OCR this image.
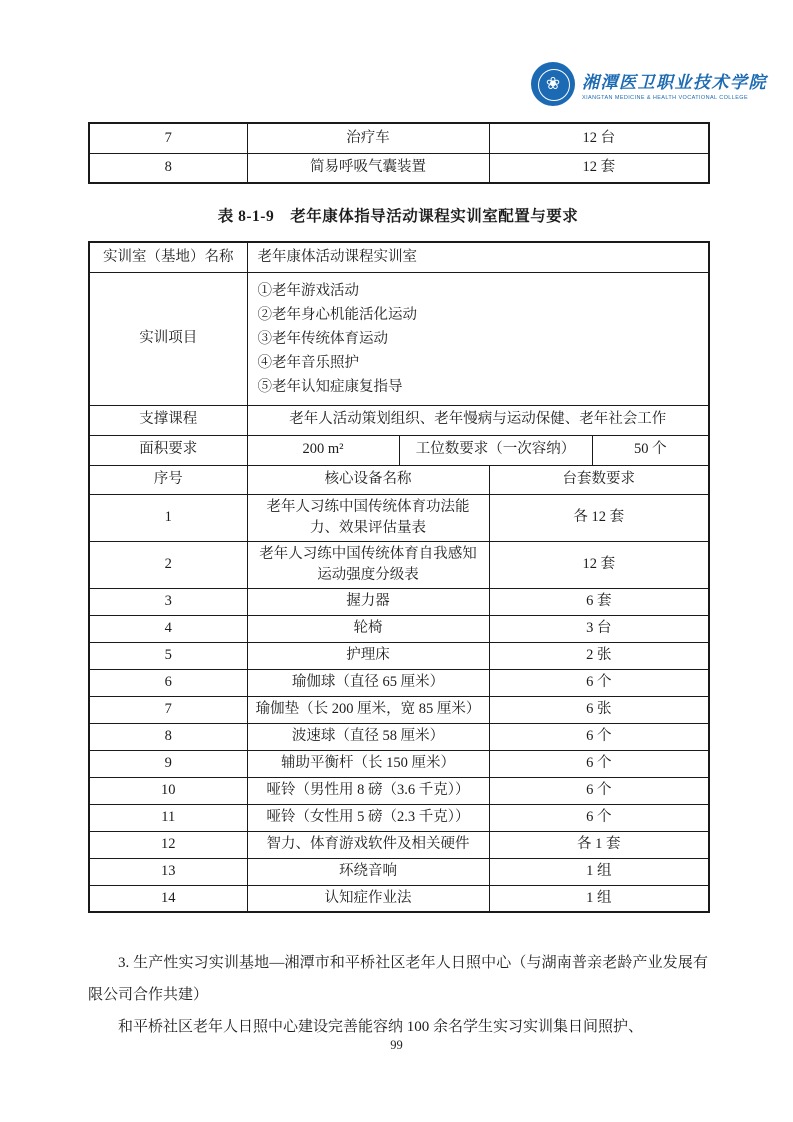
❀
湘潭医卫职业技术学院
XIANGTAN MEDICINE & HEALTH VOCATIONAL COLLEGE
7	治疗车	12 台
8	简易呼吸气囊装置	12 套
表 8-1-9　老年康体指导活动课程实训室配置与要求
实训室（基地）名称	老年康体活动课程实训室
实训项目	①老年游戏活动
②老年身心机能活化运动
③老年传统体育运动
④老年音乐照护
⑤老年认知症康复指导

支撑课程	老年人活动策划组织、老年慢病与运动保健、老年社会工作
面积要求	200 m²	工位数要求（一次容纳）	50 个
序号	核心设备名称	台套数要求
1	老年人习练中国传统体育功法能力、效果评估量表	各 12 套
2	老年人习练中国传统体育自我感知运动强度分级表	12 套
3	握力器	6 套
4	轮椅	3 台
5	护理床	2 张
6	瑜伽球（直径 65 厘米）	6 个
7	瑜伽垫（长 200 厘米，宽 85 厘米）	6 张
8	波速球（直径 58 厘米）	6 个
9	辅助平衡杆（长 150 厘米）	6 个
10	哑铃（男性用 8 磅（3.6 千克））	6 个
11	哑铃（女性用 5 磅（2.3 千克））	6 个
12	智力、体育游戏软件及相关硬件	各 1 套
13	环绕音响	1 组
14	认知症作业法	1 组

3. 生产性实习实训基地—湘潭市和平桥社区老年人日照中心（与湖南普亲老龄产业发展有限公司合作共建）

和平桥社区老年人日照中心建设完善能容纳 100 余名学生实习实训集日间照护、

99
